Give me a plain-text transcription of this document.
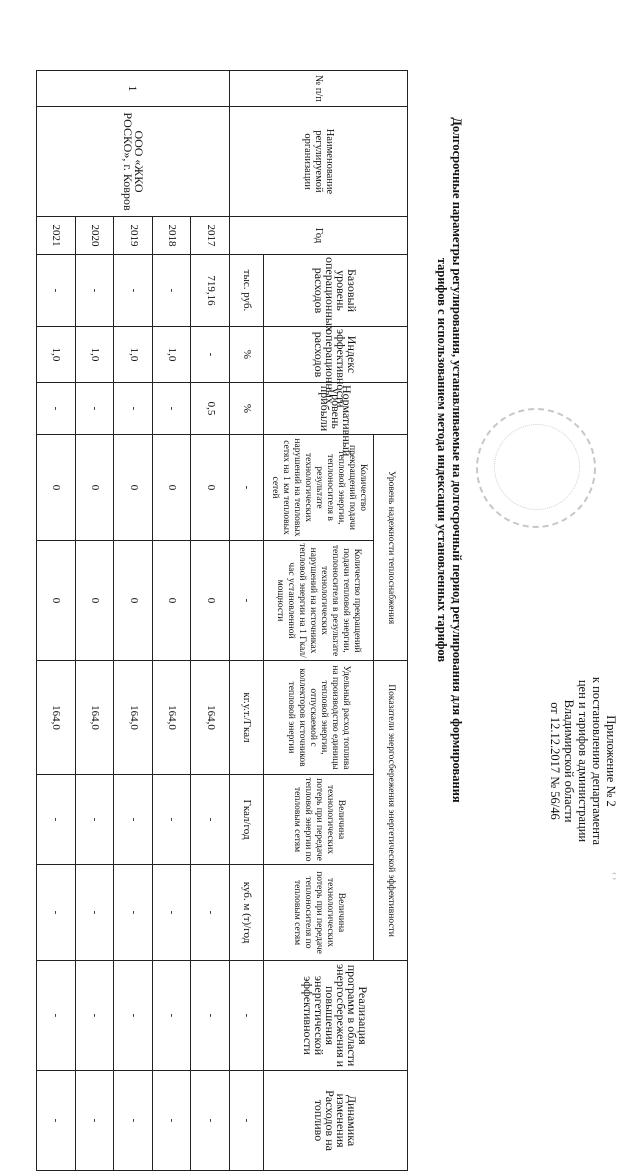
‹ ›
Приложение № 2
к постановлению департамента
цен и тарифов администрации
Владимирской области
от 12.12.2017 № 56/46
Долгосрочные параметры регулирования, устанавливаемые на долгосрочный период регулирования для формирования
тарифов с использованием метода индексации установленных тарифов
№ п/п	Наименование регулируемой организации	Год	Базовый уровень операционных расходов	Индекс эффективности операционных расходов	Нормативный уровень прибыли	Уровень надежности теплоснабжения		Показатели энергосбережения энергетической эффективности			Реализация программ в области энергосбережения и повышения энергетической эффективности	Динамика изменения Расходов на топливо
						Количество прекращений подачи тепловой энергии, теплоносителя в результате технологических нарушений на тепловых сетях на 1 км тепловых сетей	Количество прекращений подачи тепловой энергии, теплоносителя в результате технологических нарушений на источниках тепловой энергии на 1 Гкал/час установленной мощности	Удельный расход топлива на производство единицы тепловой энергии, отпускаемой с коллекторов источников тепловой энергии	Величина технологических потерь при передаче тепловой энергии по тепловым сетям	Величина технологических потерь при передаче теплоносителя по тепловым сетям		
			тыс. руб.	%	%	-	-	кг.у.т./Гкал	Гкал/год	куб. м (т)/год	-	-
1	ООО «ЖКО РОСКО», г. Ковров	2017	719,16	-	0,5	0	0	164,0	-	-	-	-
		2018	-	1,0	-	0	0	164,0	-	-	-	-
		2019	-	1,0	-	0	0	164,0	-	-	-	-
		2020	-	1,0	-	0	0	164,0	-	-	-	-
		2021	-	1,0	-	0	0	164,0	-	-	-	-
